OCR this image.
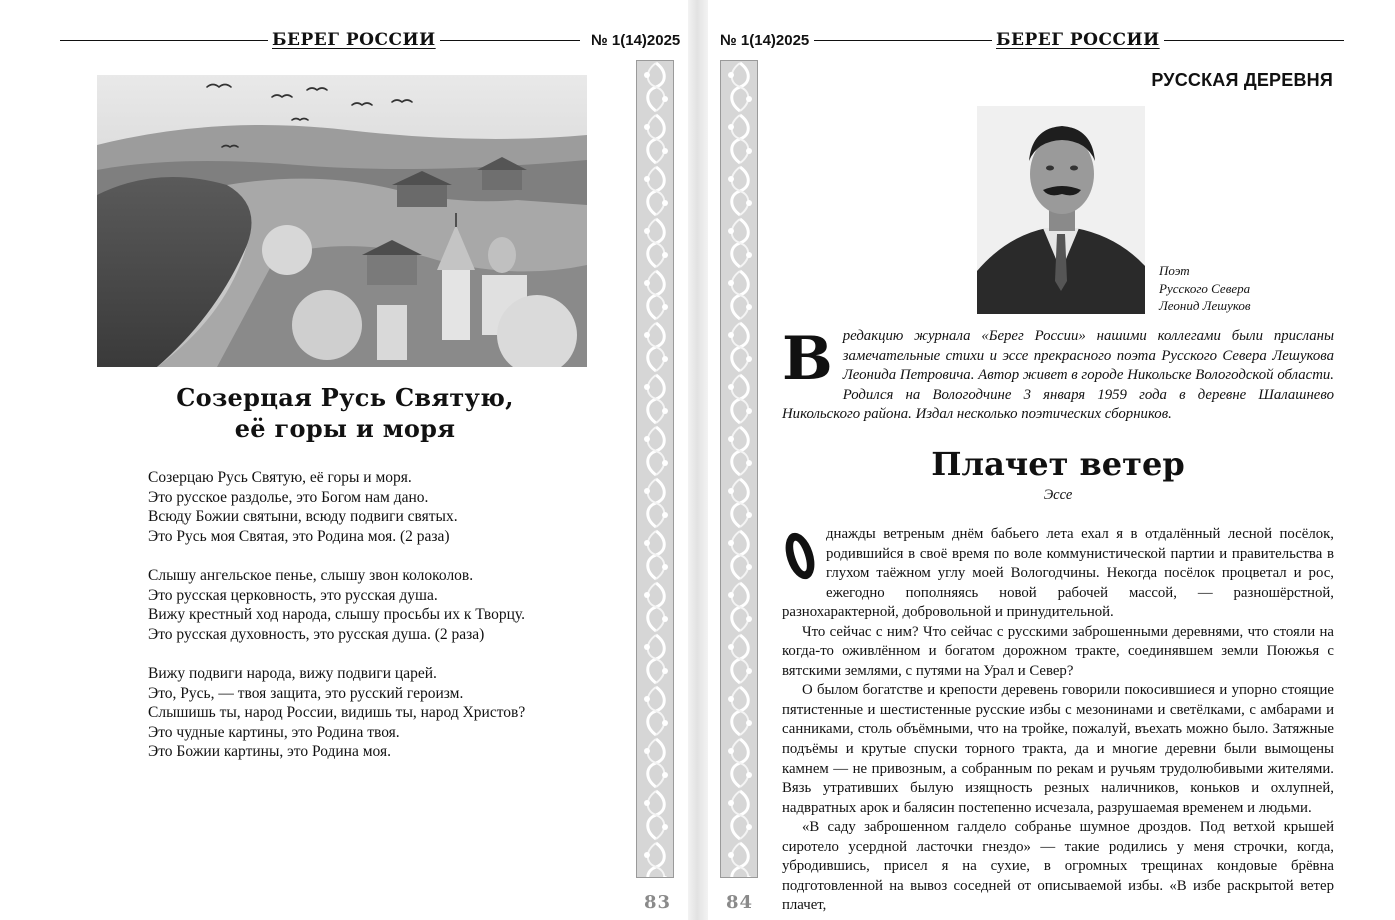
БЕРЕГ РОССИИ	№ 1(14)2025
Созерцая Русь Святую,
её горы и моря
Созерцаю Русь Святую, её горы и моря.
Это русское раздолье, это Богом нам дано.
Всюду Божии святыни, всюду подвиги святых.
Это Русь моя Святая, это Родина моя. (2 раза)
Слышу ангельское пенье, слышу звон колоколов.
Это русская церковность, это русская душа.
Вижу крестный ход народа, слышу просьбы их к Творцу.
Это русская духовность, это русская душа. (2 раза)
Вижу подвиги народа, вижу подвиги царей.
Это, Русь, — твоя защита, это русский героизм.
Слышишь ты, народ России, видишь ты, народ Христов?
Это чудные картины, это Родина твоя.
Это Божии картины, это Родина моя.
83
№ 1(14)2025	БЕРЕГ РОССИИ
84
РУССКАЯ ДЕРЕВНЯ
Поэт
Русского Севера
Леонид Лешуков
Вредакцию журнала «Берег России» нашими коллегами были присланы замечательные стихи и эссе прекрасного поэта Русского Севера Лешукова Леонида Петровича. Автор живет в городе Никольске Вологодской области. Родился на Вологодчине 3 января 1959 года в деревне Шалашнево Никольского района. Издал несколько поэтических сборников.
Плачет ветер
Эссе

днажды ветреным днём бабьего лета ехал я в отдалённый лесной посёлок, родившийся в своё время по воле коммунистической партии и правительства в глухом таёжном углу моей Вологодчины. Некогда посёлок процветал и рос, ежегодно пополняясь новой рабочей массой, — разношёрстной, разнохарактерной, добровольной и принудительной.

Что сейчас с ним? Что сейчас с русскими заброшенными деревнями, что стояли на когда-то оживлённом и богатом дорожном тракте, соединявшем земли Поюжья с вятскими землями, с путями на Урал и Север?

О былом богатстве и крепости деревень говорили покосившиеся и упорно стоящие пятистенные и шестистенные русские избы с мезонинами и светёлками, с амбарами и санниками, столь объёмными, что на тройке, пожалуй, въехать можно было. Затяжные подъёмы и крутые спуски торного тракта, да и многие деревни были вымощены камнем — не привозным, а собранным по рекам и ручьям трудолюбивыми жителями. Вязь утративших былую изящность резных наличников, коньков и охлупней, надвратных арок и балясин постепенно исчезала, разрушаемая временем и людьми.

«В саду заброшенном галдело собранье шумное дроздов. Под ветхой крышей сиротело усердной ласточки гнездо» — такие родились у меня строчки, когда, убродившись, присел я на сухие, в огромных трещинах кондовые брёвна подготовленной на вывоз соседней от описываемой избы. «В избе раскрытой ветер плачет,
